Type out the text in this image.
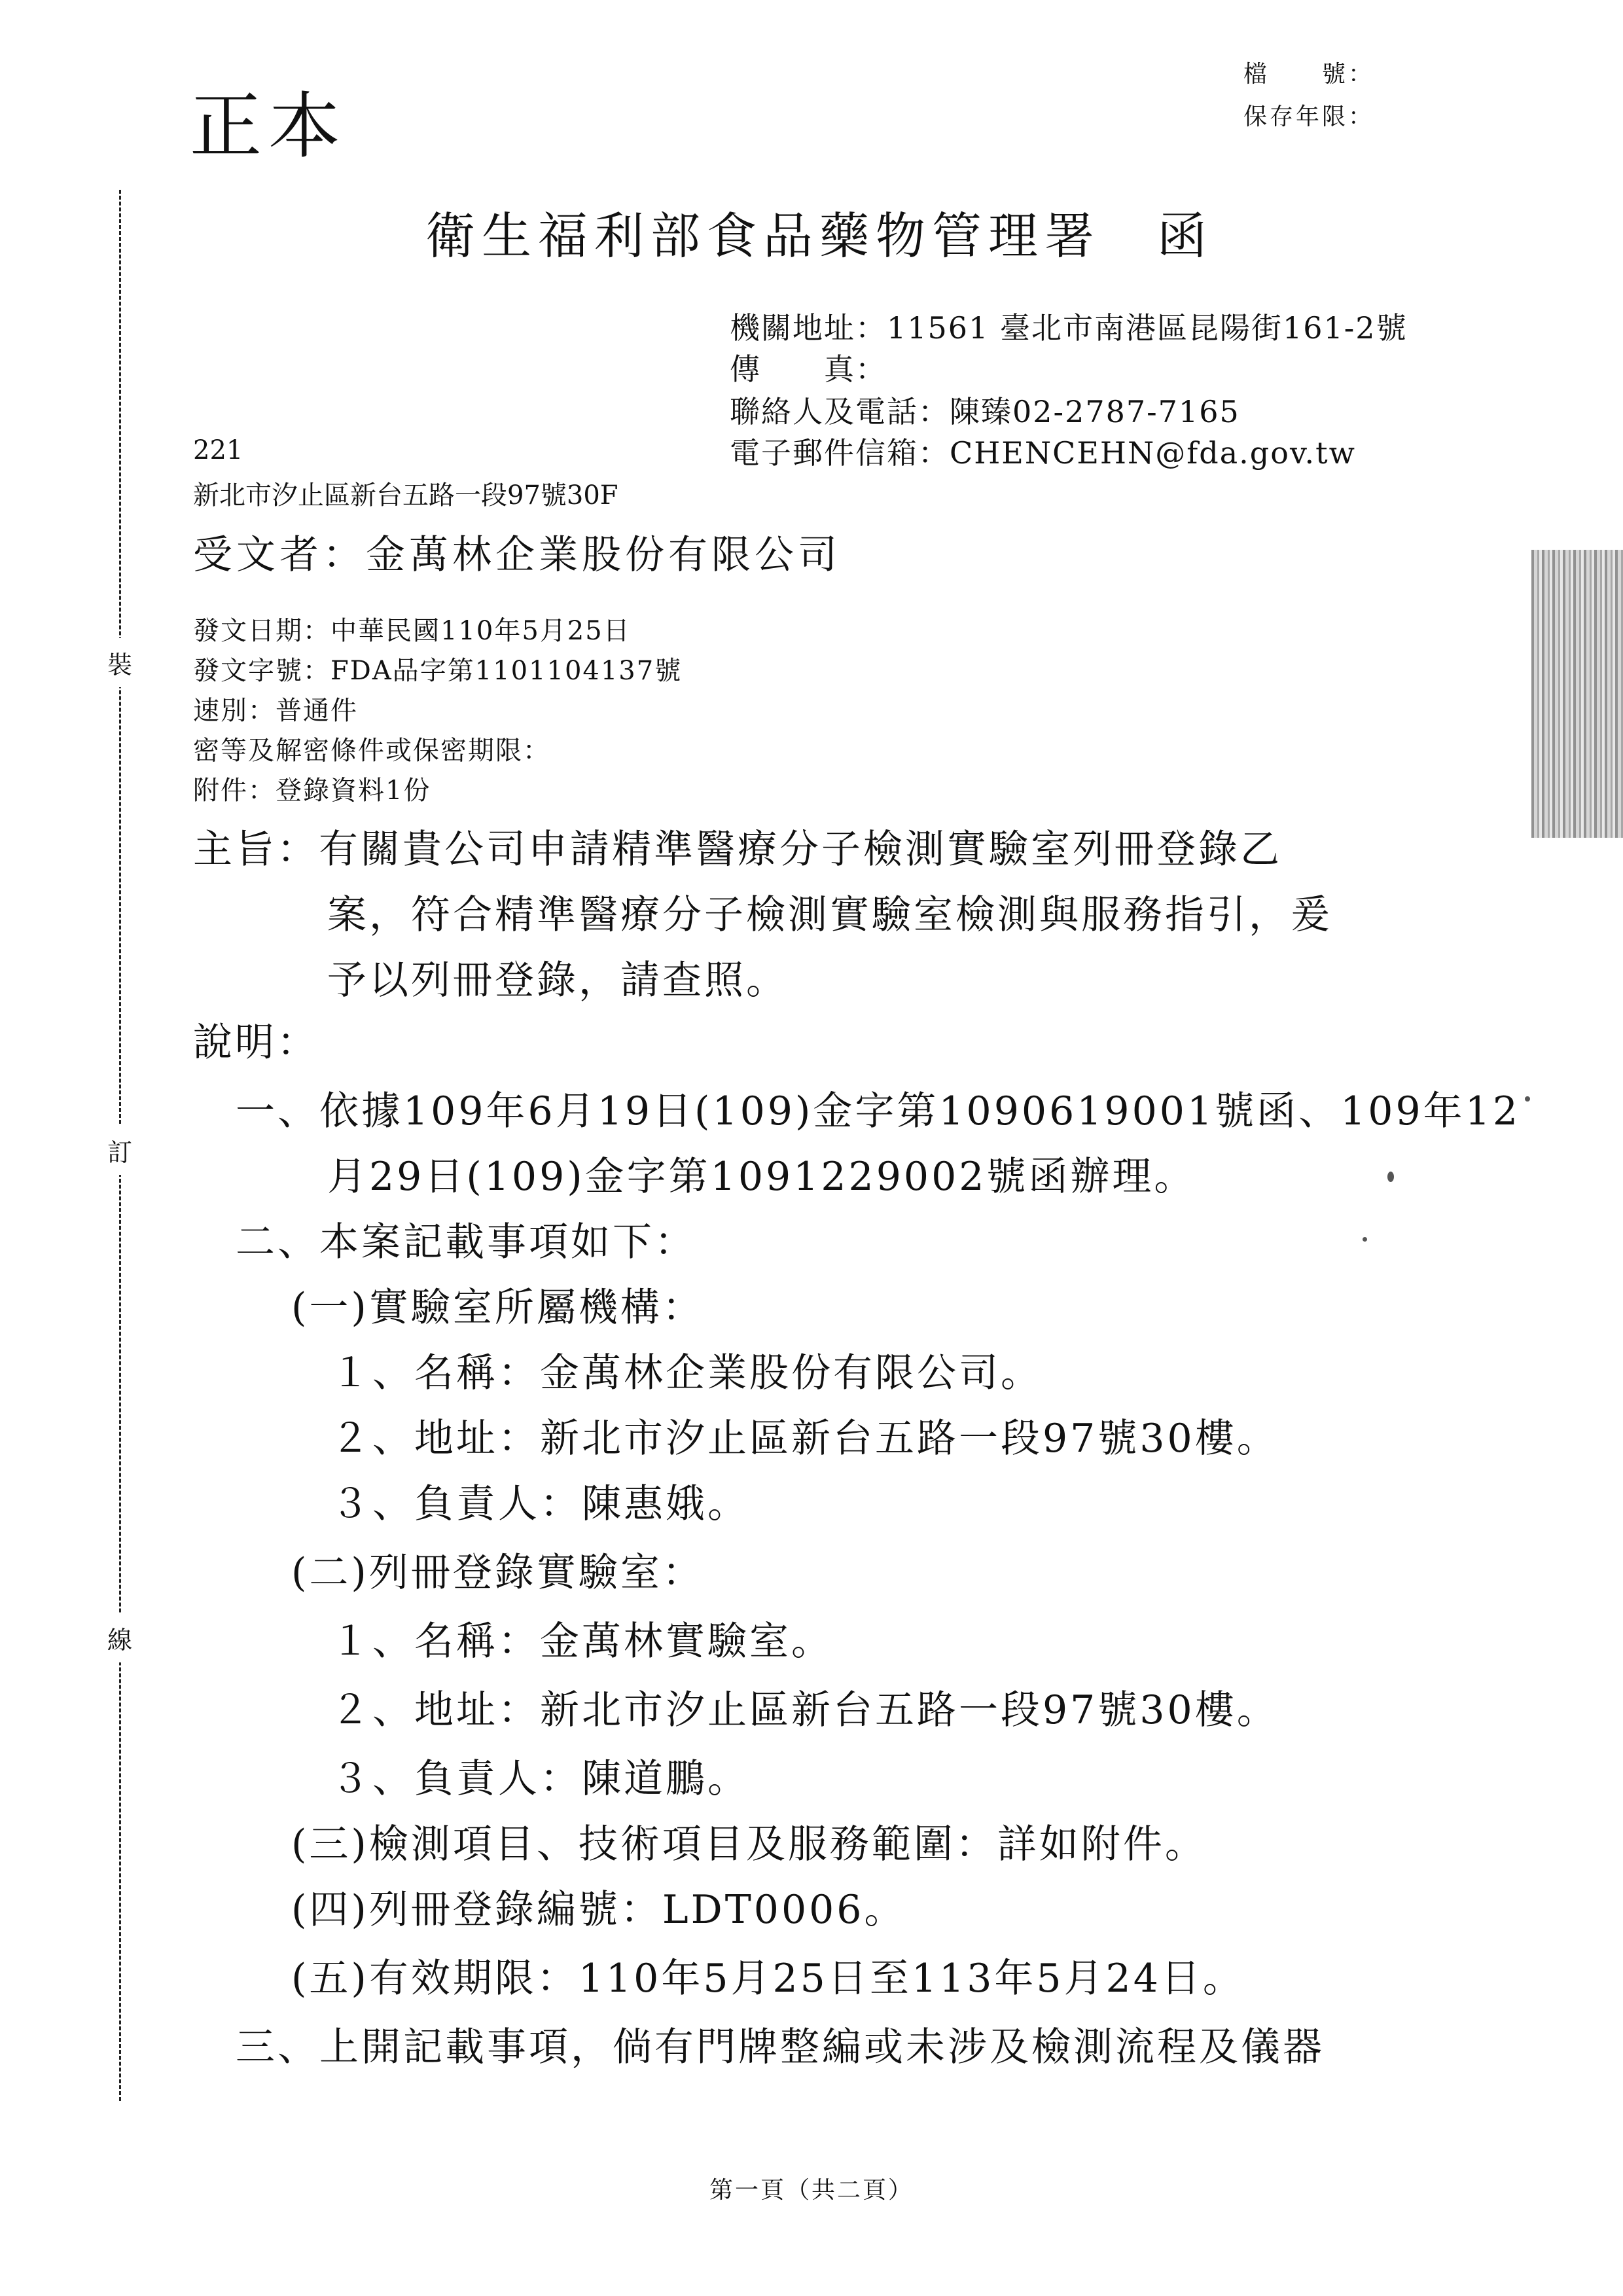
正本
檔　　號：
保存年限：
裝
訂
線
衛生福利部食品藥物管理署　函
機關地址：11561 臺北市南港區昆陽街161-2號
傳　　真：
聯絡人及電話：陳臻02-2787-7165
電子郵件信箱：CHENCEHN@fda.gov.tw
221
新北市汐止區新台五路一段97號30F
受文者：金萬林企業股份有限公司
發文日期：中華民國110年5月25日
發文字號：FDA品字第1101104137號
速別：普通件
密等及解密條件或保密期限：
附件：登錄資料1份
主旨：有關貴公司申請精準醫療分子檢測實驗室列冊登錄乙
案，符合精準醫療分子檢測實驗室檢測與服務指引，爰
予以列冊登錄，請查照。
說明：
一、依據109年6月19日(109)金字第1090619001號函、109年12
月29日(109)金字第1091229002號函辦理。
二、本案記載事項如下：
(一)實驗室所屬機構：
１、名稱：金萬林企業股份有限公司。
２、地址：新北市汐止區新台五路一段97號30樓。
３、負責人：陳惠娥。
(二)列冊登錄實驗室：
１、名稱：金萬林實驗室。
２、地址：新北市汐止區新台五路一段97號30樓。
３、負責人：陳道鵬。
(三)檢測項目、技術項目及服務範圍：詳如附件。
(四)列冊登錄編號：LDT0006。
(五)有效期限：110年5月25日至113年5月24日。
三、上開記載事項，倘有門牌整編或未涉及檢測流程及儀器
第一頁（共二頁）
